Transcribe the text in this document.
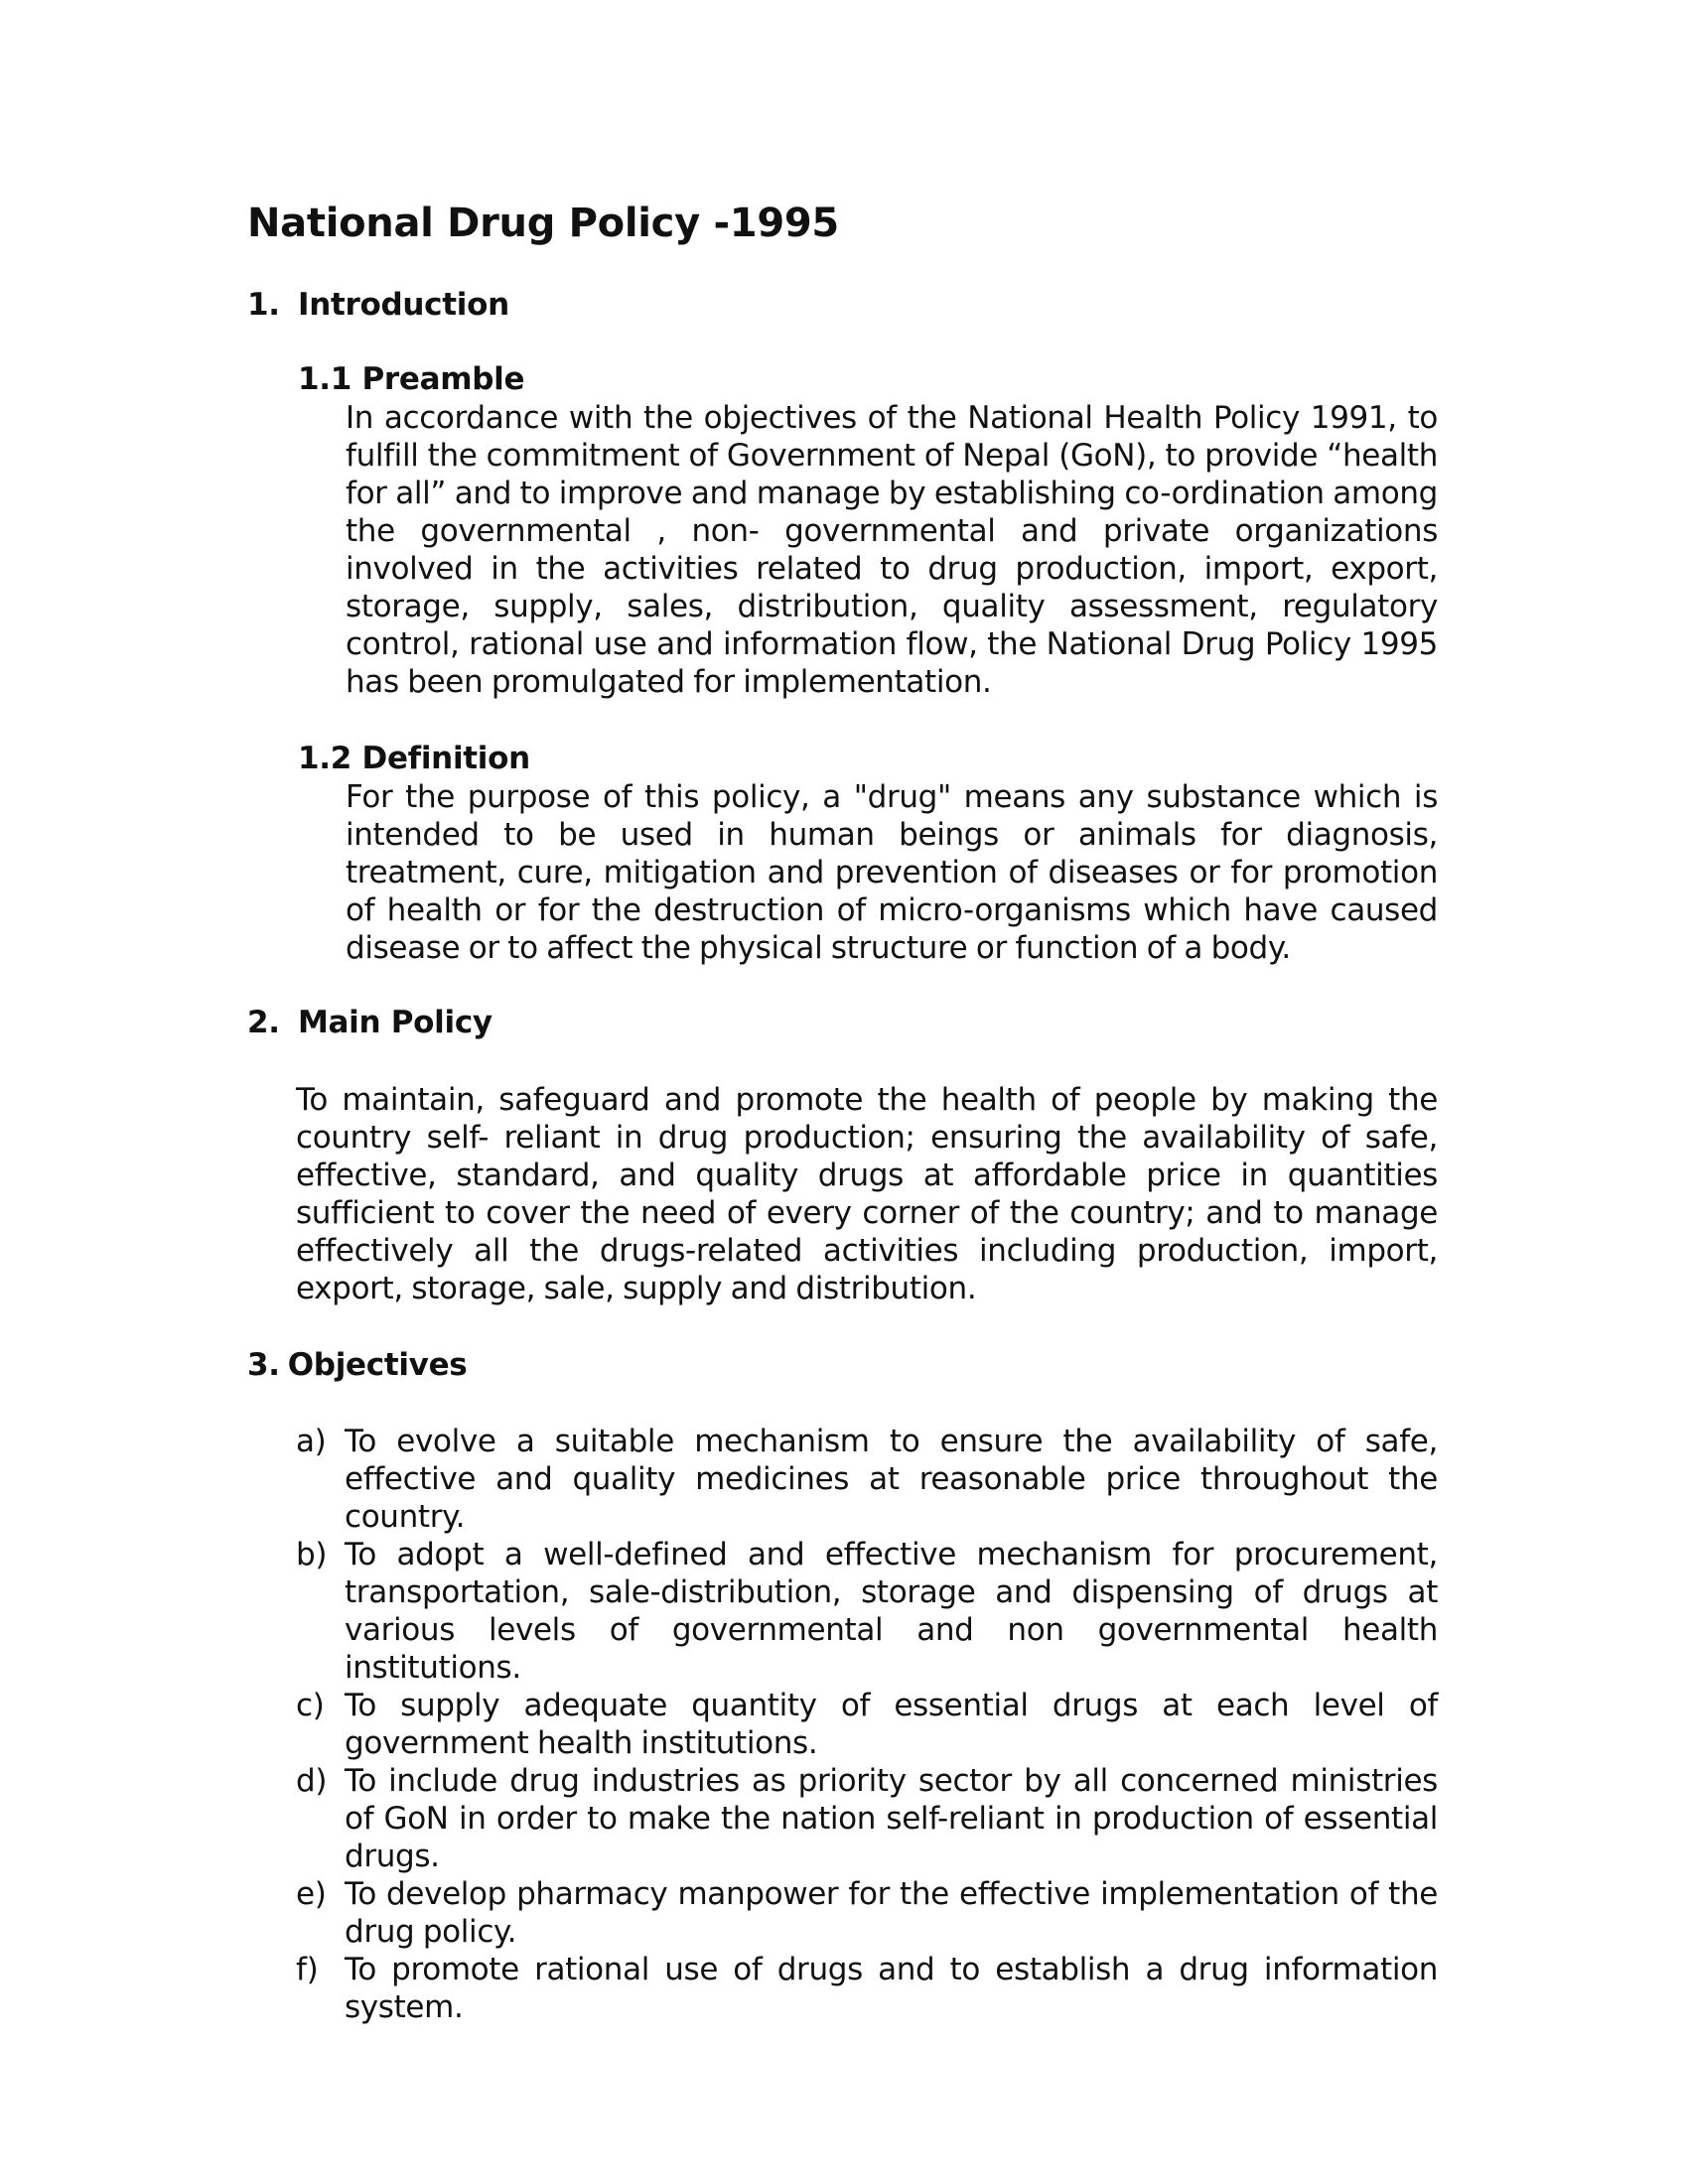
National Drug Policy -1995
1. Introduction
1.1 Preamble

In accordance with the objectives of the National Health Policy 1991, to fulfill the commitment of Government of Nepal (GoN), to provide “health for all” and to improve and manage by establishing co-ordination among the governmental , non- governmental and private organizations involved in the activities related to drug production, import, export, storage, supply, sales, distribution, quality assessment, regulatory control, rational use and information flow, the National Drug Policy 1995 has been promulgated for implementation.

1.2 Definition

For the purpose of this policy, a "drug" means any substance which is intended to be used in human beings or animals for diagnosis, treatment, cure, mitigation and prevention of diseases or for promotion of health or for the destruction of micro-organisms which have caused disease or to affect the physical structure or function of a body.

2. Main Policy

To maintain, safeguard and promote the health of people by making the country self- reliant in drug production; ensuring the availability of safe, effective, standard, and quality drugs at affordable price in quantities sufficient to cover the need of every corner of the country; and to manage effectively all the drugs-related activities including production, import, export, storage, sale, supply and distribution.

3. Objectives
a) To evolve a suitable mechanism to ensure the availability of safe, effective and quality medicines at reasonable price throughout the country.
b) To adopt a well-defined and effective mechanism for procurement, transportation, sale-distribution, storage and dispensing of drugs at various levels of governmental and non governmental health institutions.
c) To supply adequate quantity of essential drugs at each level of government health institutions.
d) To include drug industries as priority sector by all concerned ministries of GoN in order to make the nation self-reliant in production of essential drugs.
e) To develop pharmacy manpower for the effective implementation of the drug policy.
f) To promote rational use of drugs and to establish a drug information system.
